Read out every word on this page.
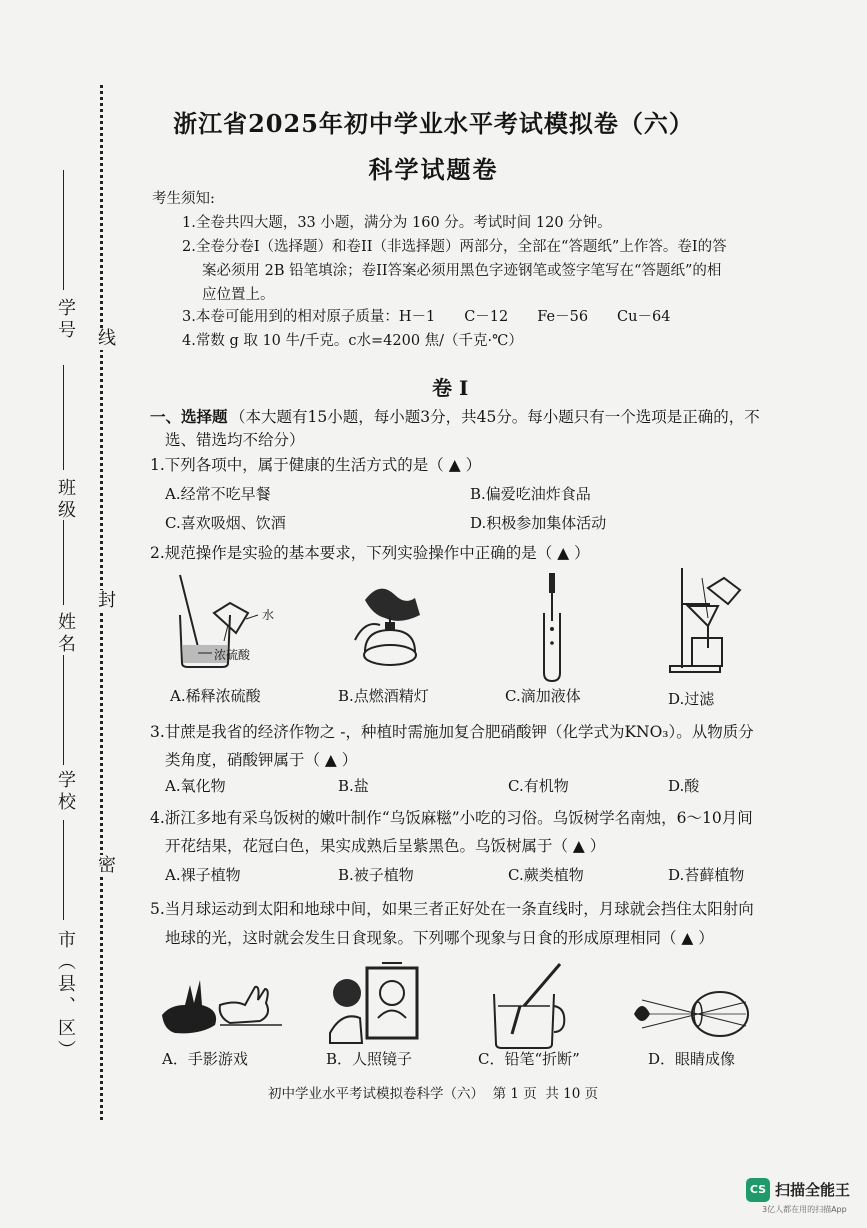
学号
班级
姓名
学校
市（县、区）
线
封
密
浙江省2025年初中学业水平考试模拟卷（六）
科学试题卷
考生须知:
1.全卷共四大题，33 小题，满分为 160 分。考试时间 120 分钟。
2.全卷分卷I（选择题）和卷II（非选择题）两部分，全部在“答题纸”上作答。卷I的答
案必须用 2B 铅笔填涂；卷II答案必须用黑色字迹钢笔或签字笔写在“答题纸”的相
应位置上。
3.本卷可能用到的相对原子质量：H－1　　C－12　　Fe－56　　Cu－64
4.常数 g 取 10 牛/千克。c水=4200 焦/（千克·℃）
卷 I
一、选择题 （本大题有15小题，每小题3分，共45分。每小题只有一个选项是正确的，不
选、错选均不给分）
1.下列各项中，属于健康的生活方式的是（ ▲ ）
A.经常不吃早餐	B.偏爱吃油炸食品
C.喜欢吸烟、饮酒	D.积极参加集体活动
2.规范操作是实验的基本要求，下列实验操作中正确的是（ ▲ ）
水
浓硫酸
A.稀释浓硫酸	B.点燃酒精灯	C.滴加液体	D.过滤
3.甘蔗是我省的经济作物之 -，种植时需施加复合肥硝酸钾（化学式为KNO₃）。从物质分
类角度，硝酸钾属于（ ▲ ）
A.氧化物	B.盐	C.有机物	D.酸
4.浙江多地有采乌饭树的嫩叶制作“乌饭麻糍”小吃的习俗。乌饭树学名南烛，6～10月间
开花结果，花冠白色，果实成熟后呈紫黑色。乌饭树属于（ ▲ ）
A.裸子植物	B.被子植物	C.蕨类植物	D.苔藓植物
5.当月球运动到太阳和地球中间，如果三者正好处在一条直线时，月球就会挡住太阳射向
地球的光，这时就会发生日食现象。下列哪个现象与日食的形成原理相同（ ▲ ）
A．手影游戏	B．人照镜子	C．铅笔“折断”	D．眼睛成像
初中学业水平考试模拟卷科学（六）  第 1 页  共 10 页
CS 扫描全能王
3亿人都在用的扫描App
